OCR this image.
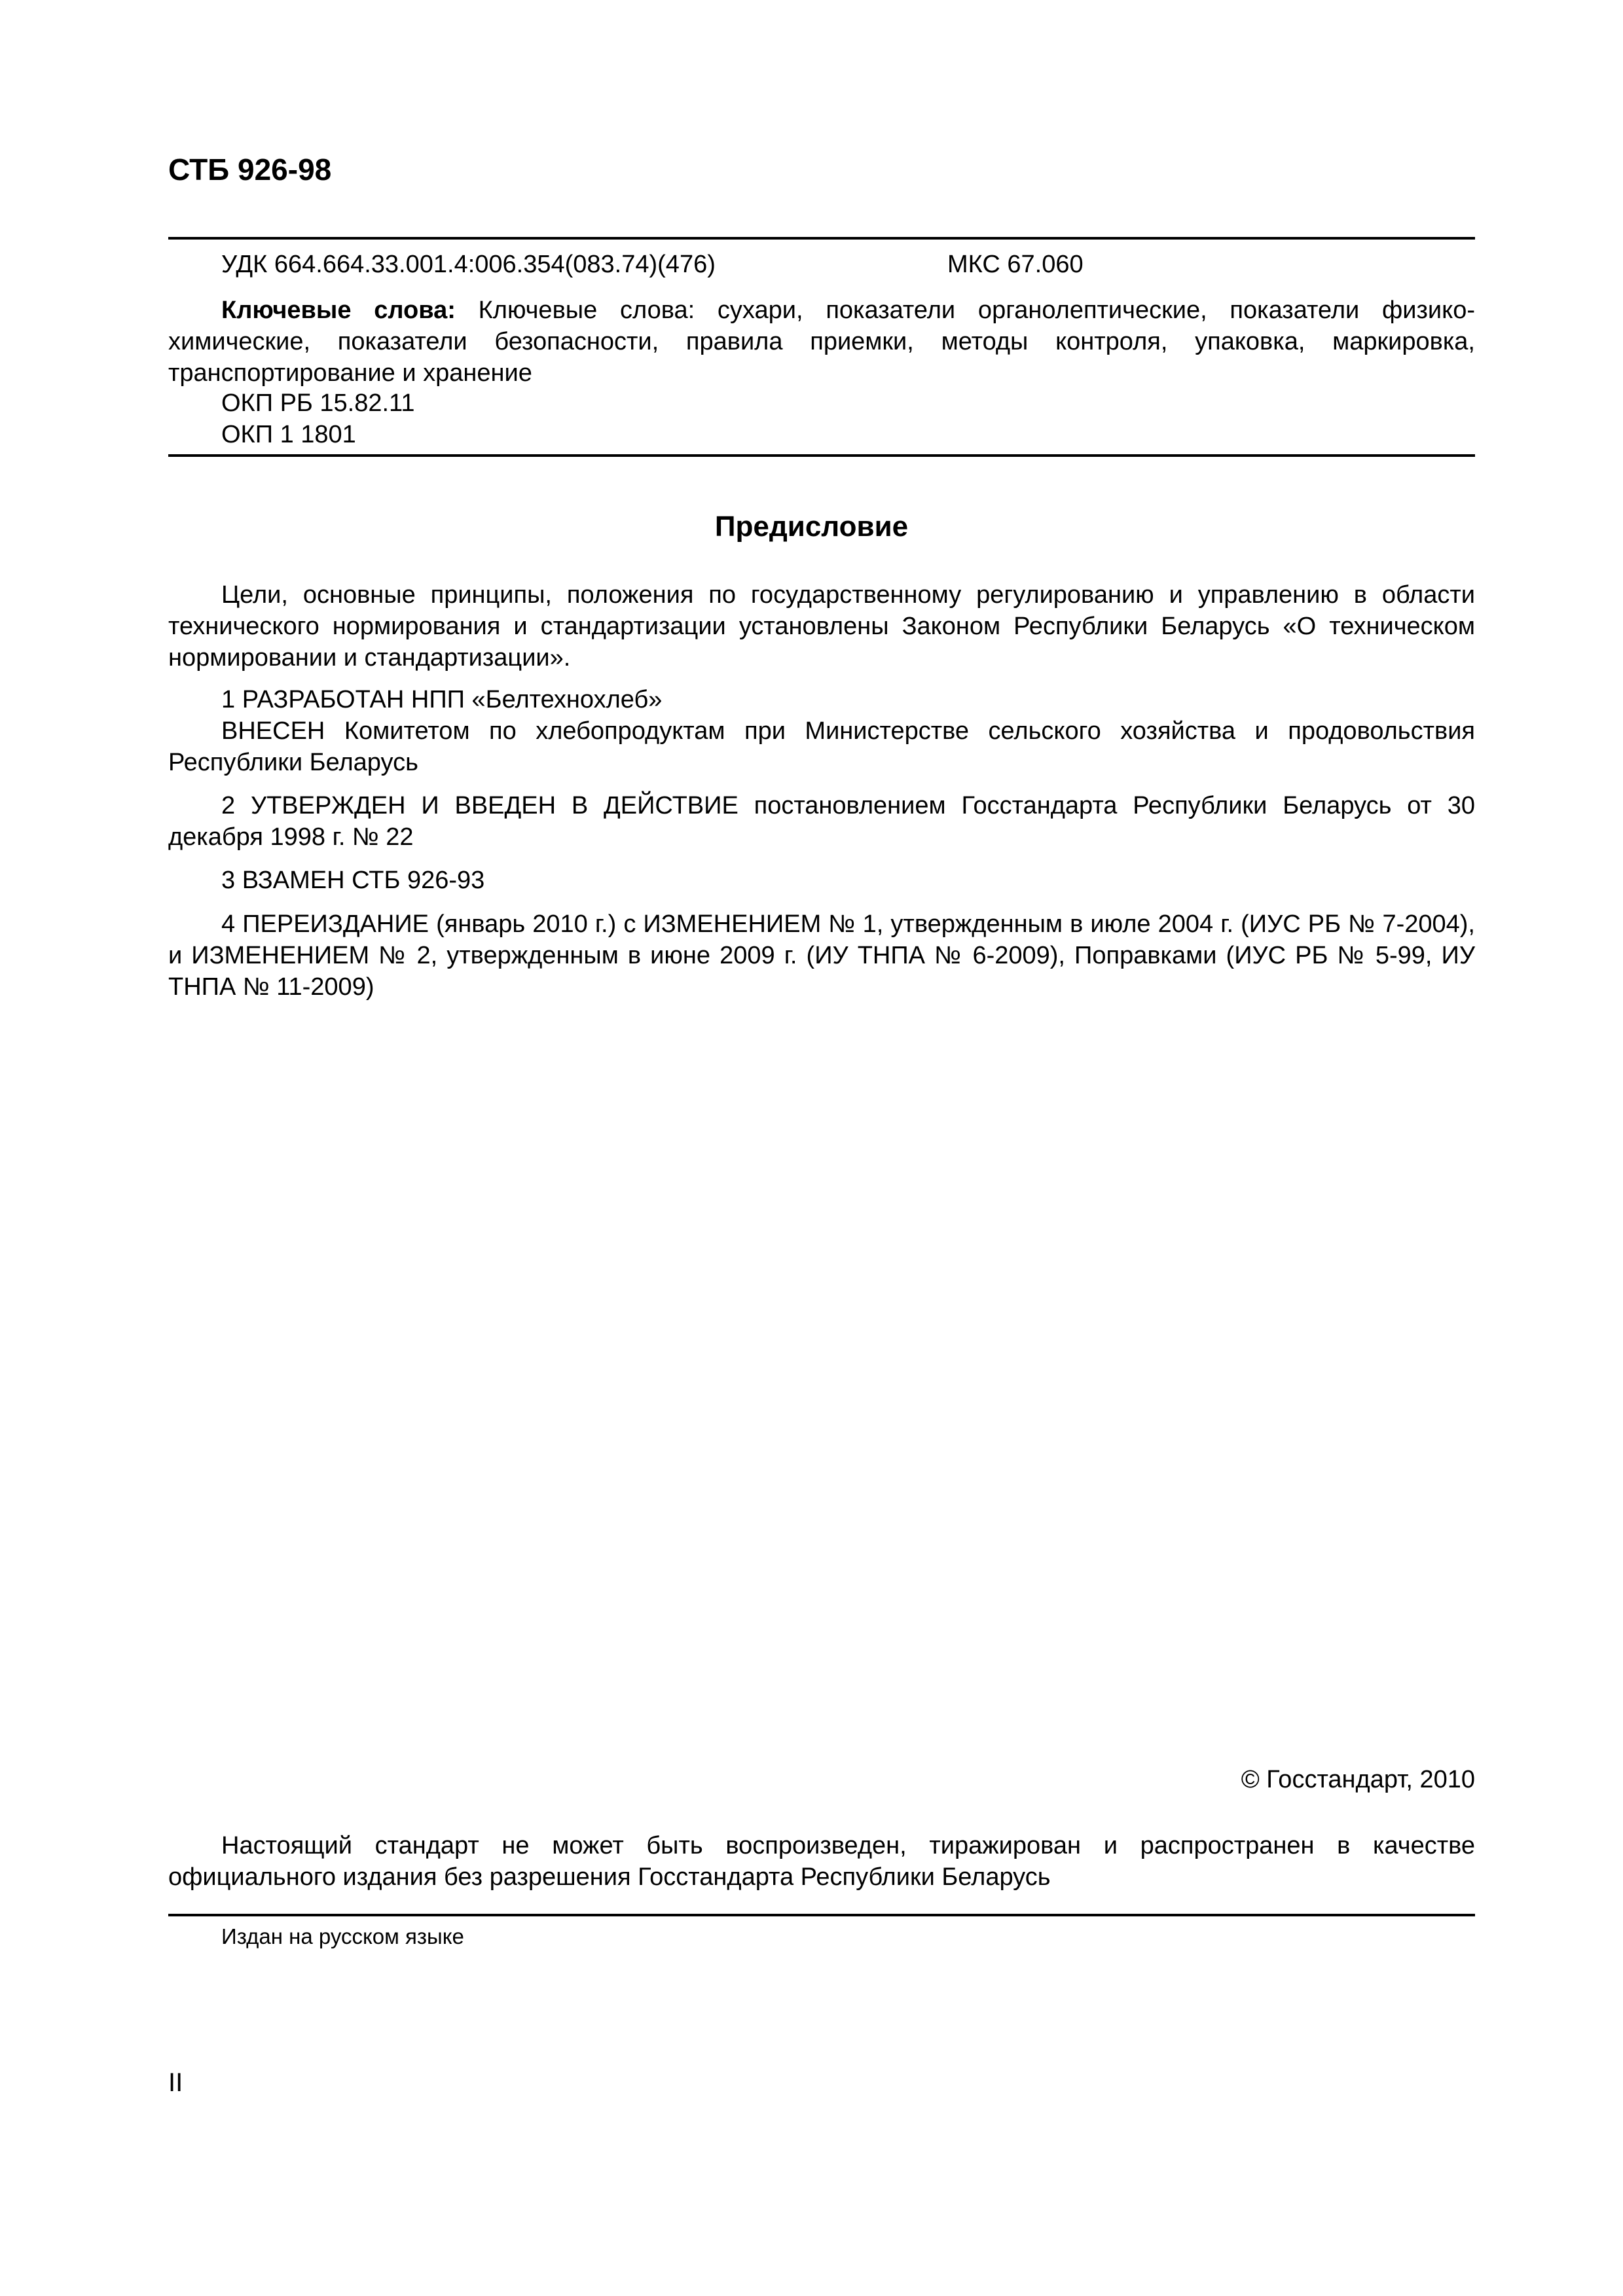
СТБ 926-98
УДК 664.664.33.001.4:006.354(083.74)(476)	МКС 67.060
Ключевые слова: Ключевые слова: сухари, показатели органолептические, показатели физико-химические, показатели безопасности, правила приемки, методы контроля, упаковка, маркировка, транспортирование и хранение
ОКП РБ 15.82.11
ОКП 1 1801
Предисловие
Цели, основные принципы, положения по государственному регулированию и управлению в области технического нормирования и стандартизации установлены Законом Республики Беларусь «О техническом нормировании и стандартизации».
1 РАЗРАБОТАН НПП «Белтехнохлеб»
ВНЕСЕН Комитетом по хлебопродуктам при Министерстве сельского хозяйства и продовольствия Республики Беларусь
2 УТВЕРЖДЕН И ВВЕДЕН В ДЕЙСТВИЕ постановлением Госстандарта Республики Беларусь от 30 декабря 1998 г. № 22
3 ВЗАМЕН СТБ 926-93
4 ПЕРЕИЗДАНИЕ (январь 2010 г.) с ИЗМЕНЕНИЕМ № 1, утвержденным в июле 2004 г. (ИУС РБ № 7-2004), и ИЗМЕНЕНИЕМ № 2, утвержденным в июне 2009 г. (ИУ ТНПА № 6-2009), Поправками (ИУС РБ № 5-99, ИУ ТНПА № 11-2009)
© Госстандарт, 2010
Настоящий стандарт не может быть воспроизведен, тиражирован и распространен в качестве официального издания без разрешения Госстандарта Республики Беларусь
Издан на русском языке
II
